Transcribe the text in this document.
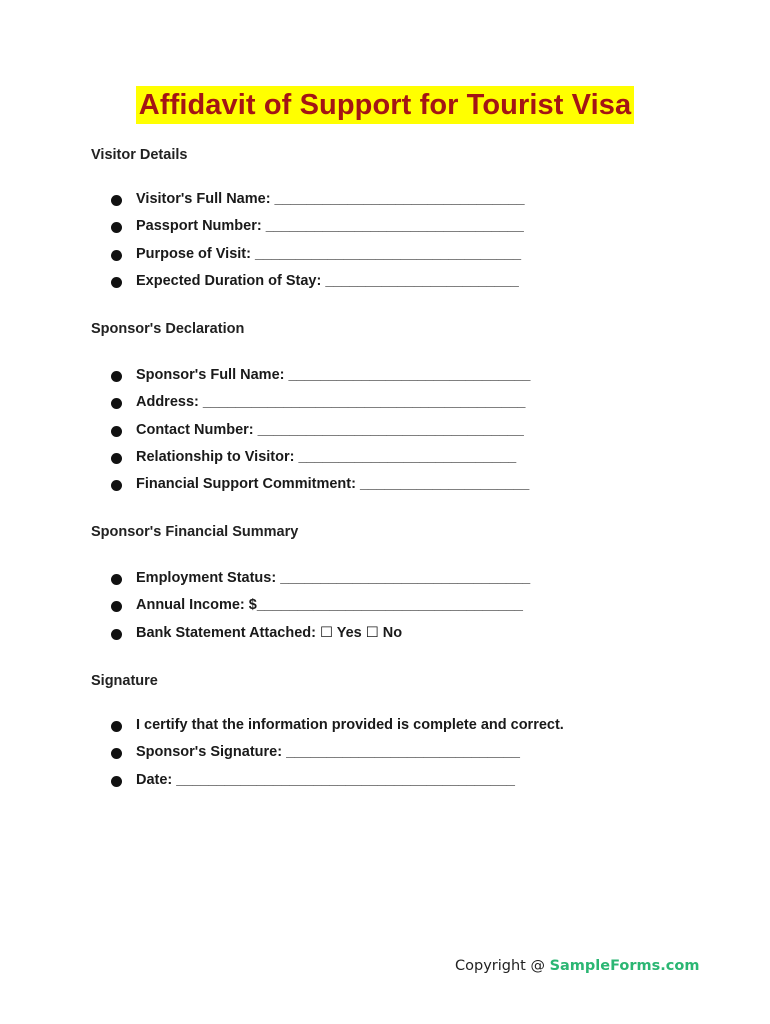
Affidavit of Support for Tourist Visa
Visitor Details
Visitor's Full Name: _______________________________
Passport Number: ________________________________
Purpose of Visit: _________________________________
Expected Duration of Stay: ________________________
Sponsor's Declaration
Sponsor's Full Name: ______________________________
Address: ________________________________________
Contact Number: _________________________________
Relationship to Visitor: ___________________________
Financial Support Commitment: _____________________
Sponsor's Financial Summary
Employment Status: _______________________________
Annual Income: $_________________________________
Bank Statement Attached: ☐ Yes ☐ No
Signature
I certify that the information provided is complete and correct.
Sponsor's Signature: _____________________________
Date: __________________________________________
Copyright @ SampleForms.com
